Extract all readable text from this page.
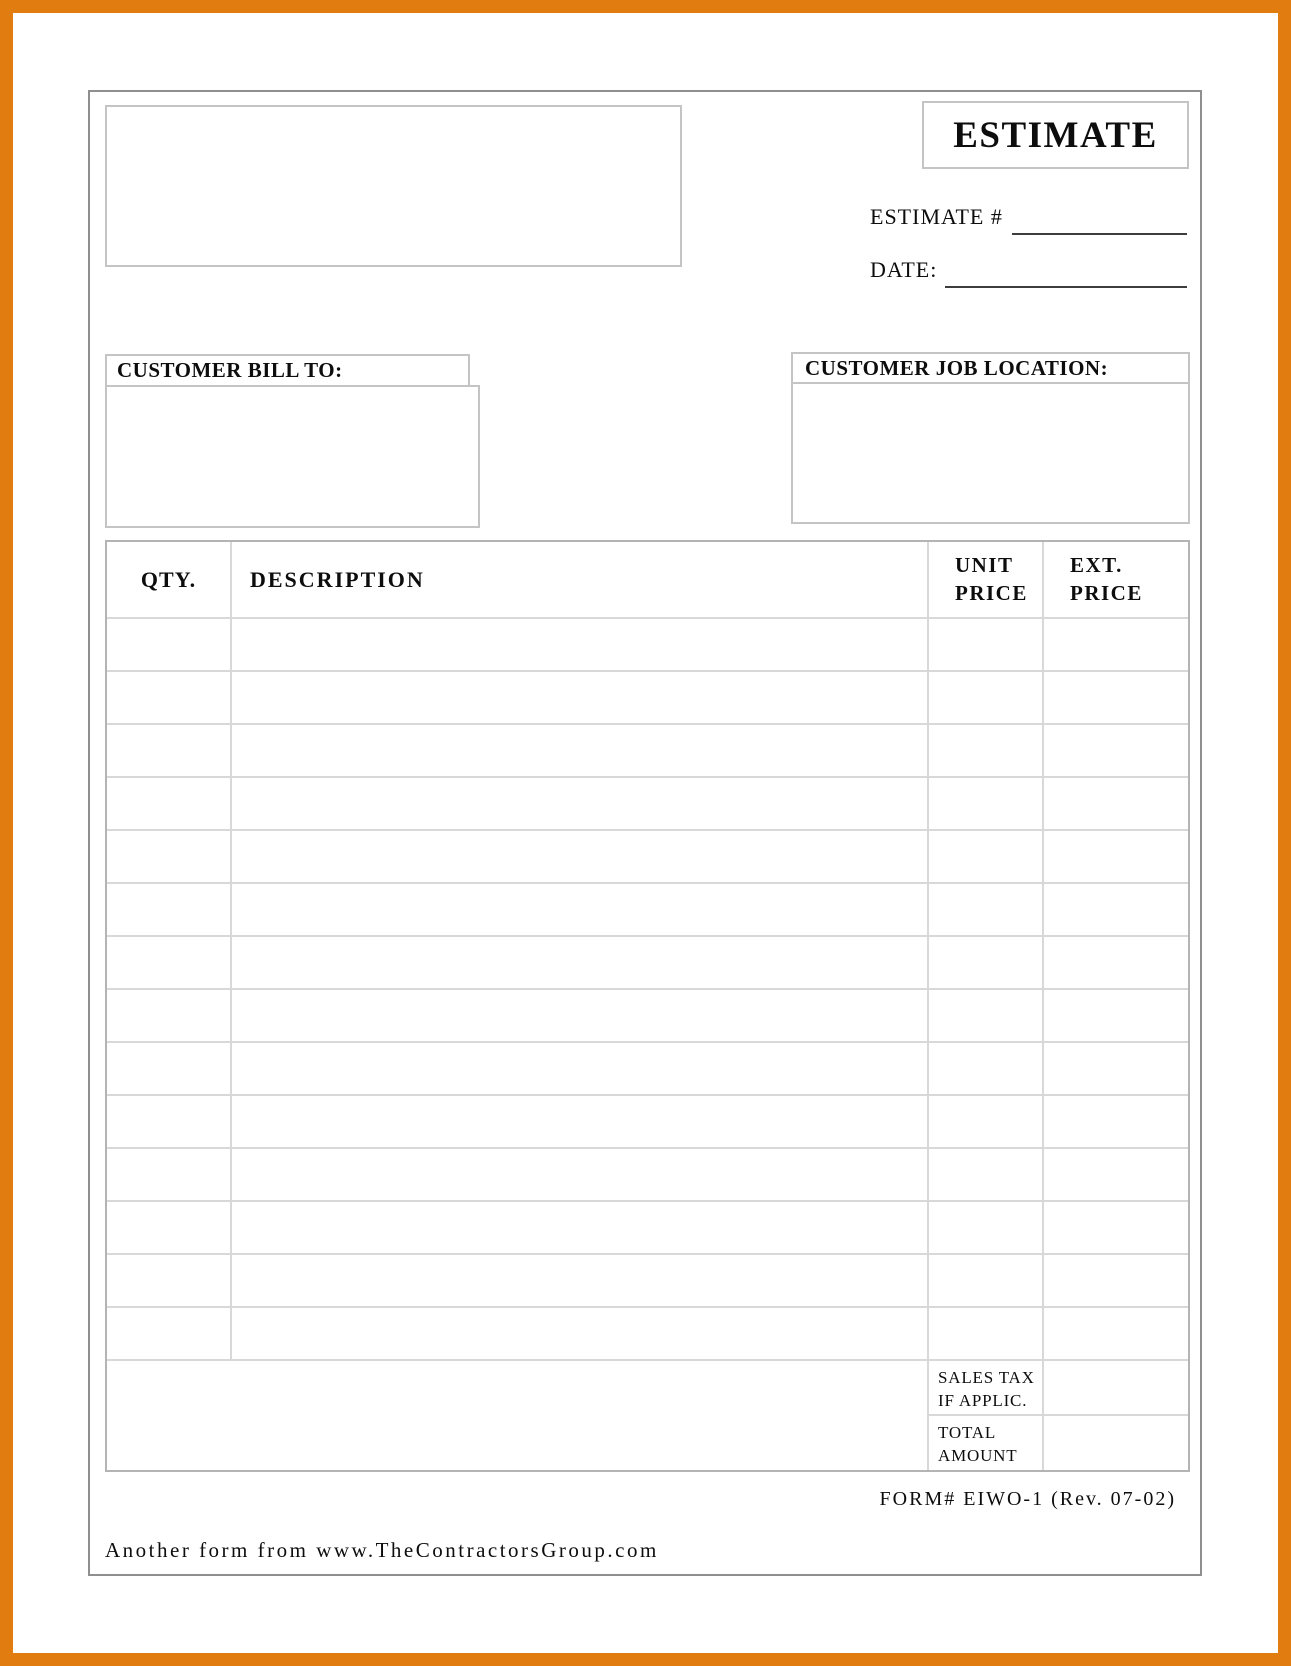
ESTIMATE
ESTIMATE #
DATE:
CUSTOMER BILL TO:	CUSTOMER JOB LOCATION:
QTY.	DESCRIPTION
UNIT
PRICE
EXT.
PRICE
SALES TAX
IF APPLIC.
TOTAL
AMOUNT
FORM# EIWO-1 (Rev. 07-02)
Another form from www.TheContractorsGroup.com
